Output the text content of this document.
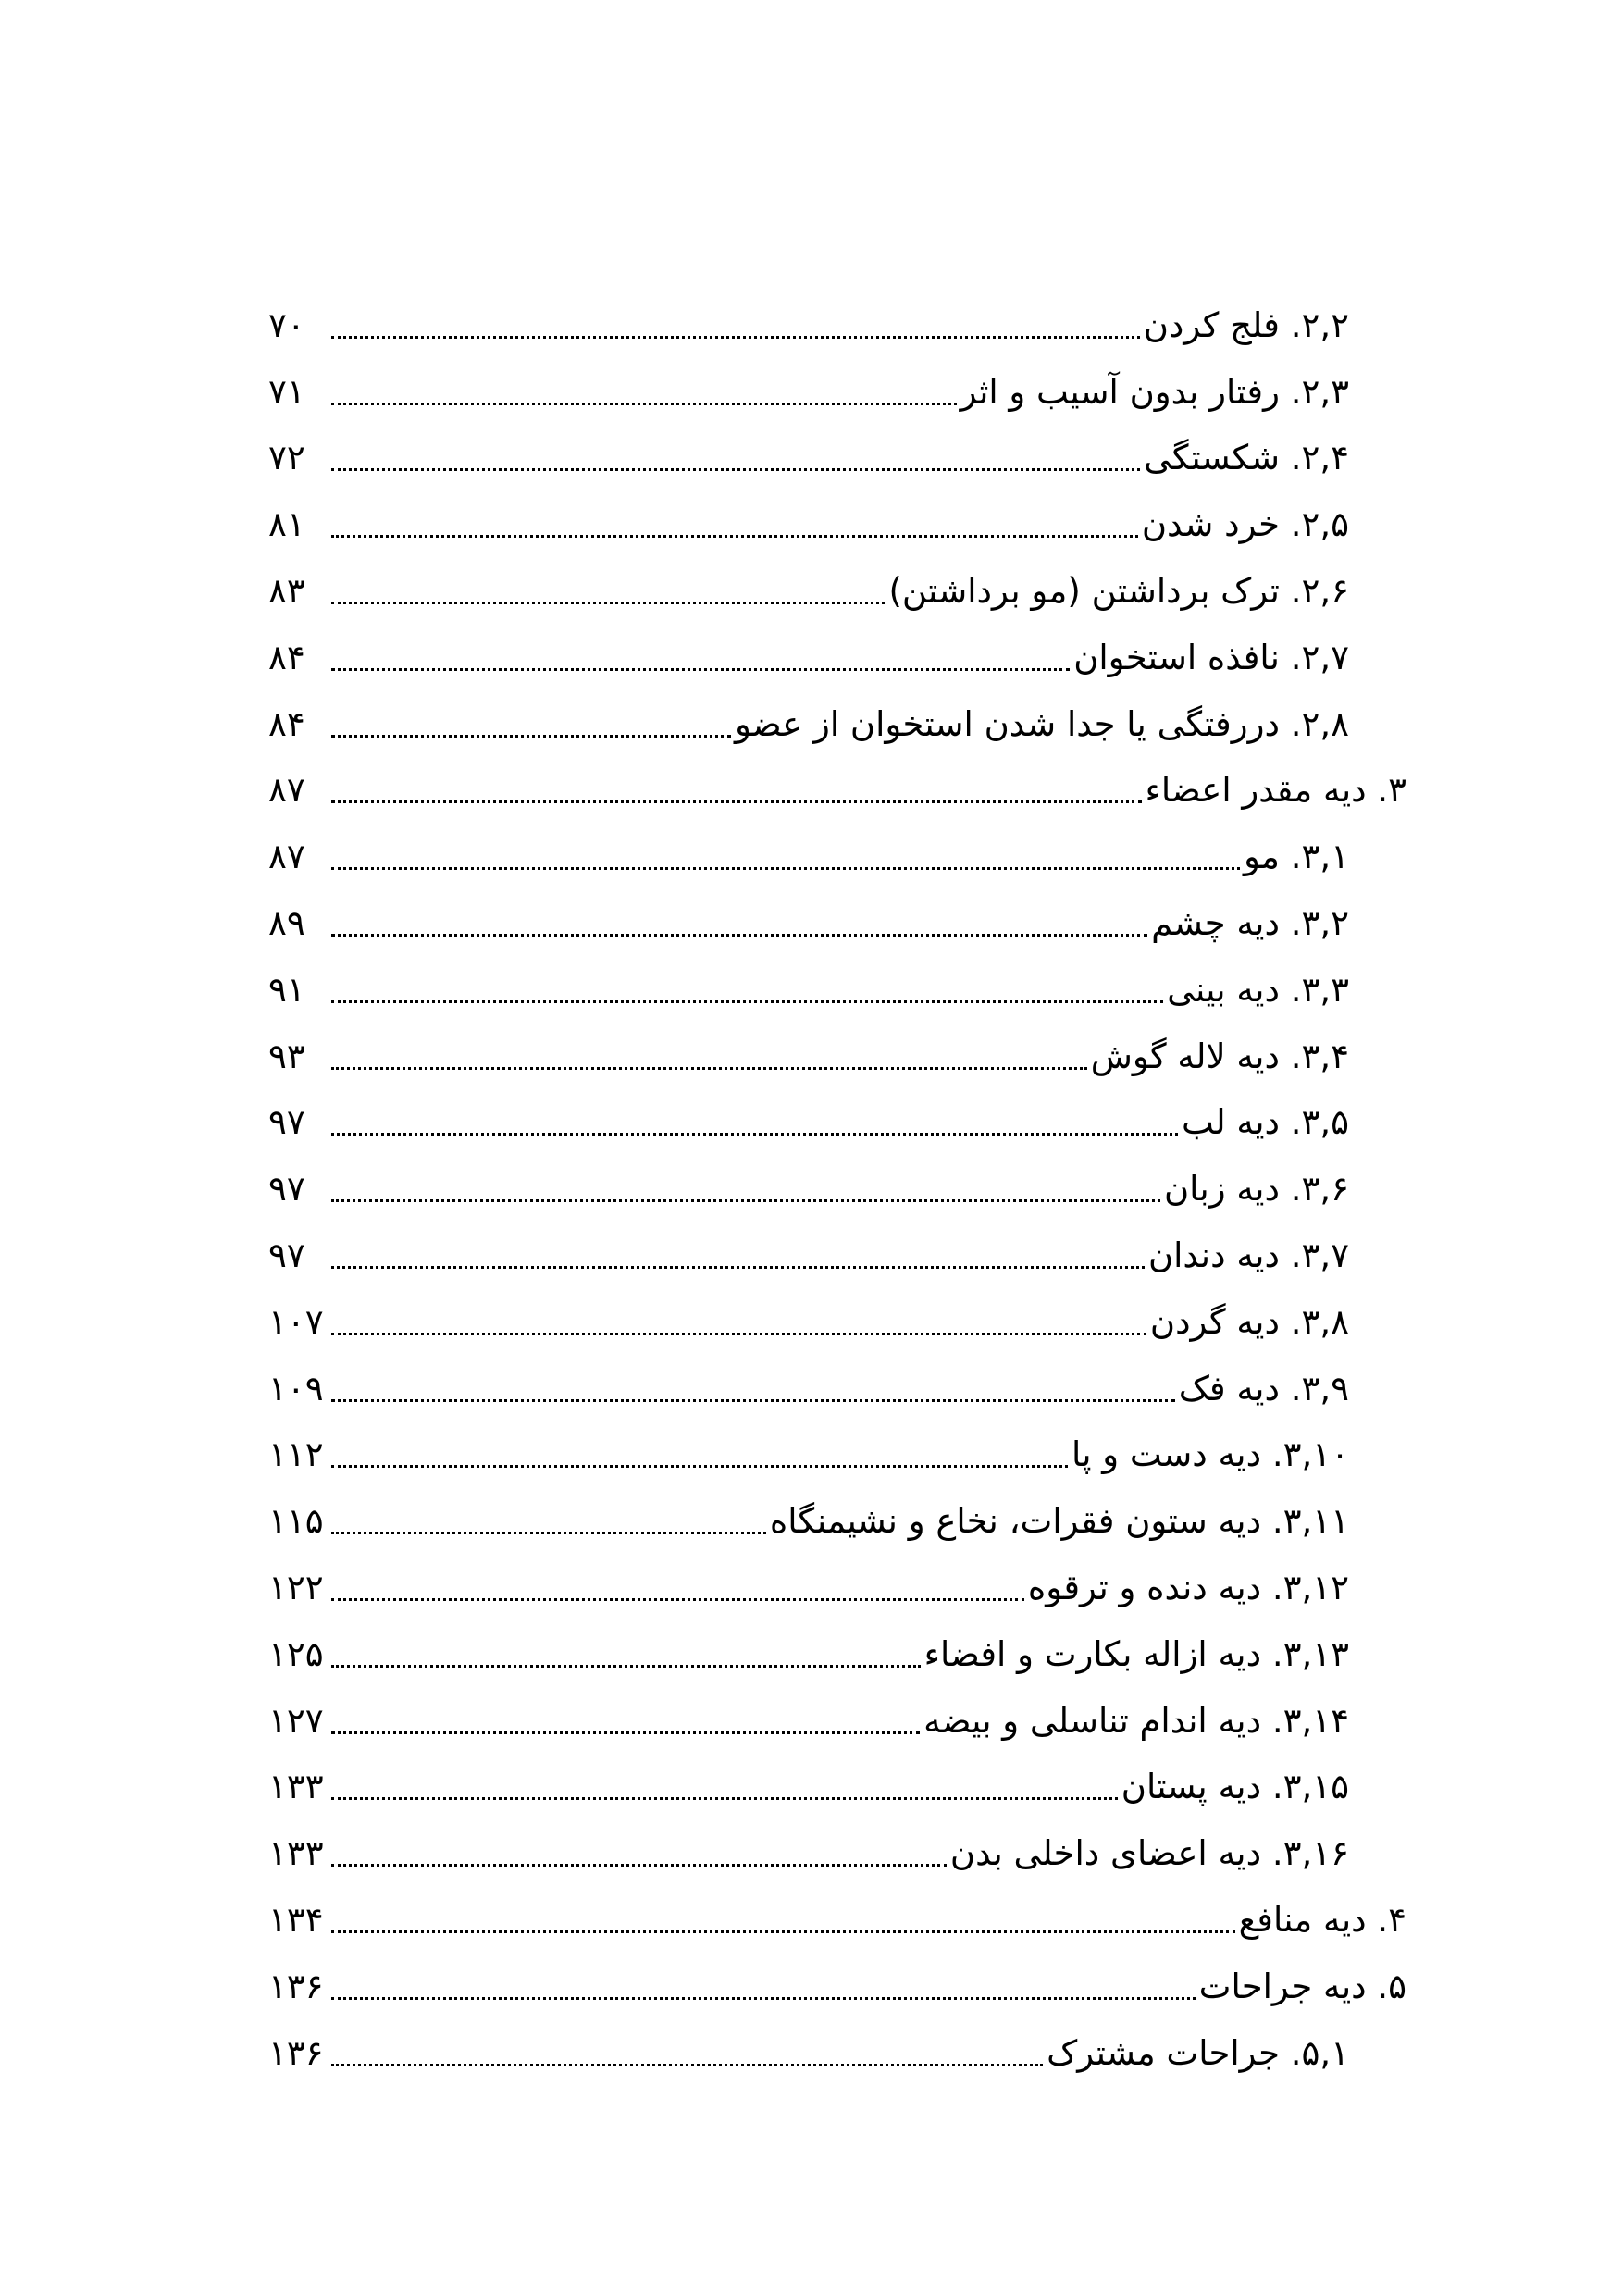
۲,۲. فلج کردن
۷۰
۲,۳. رفتار بدون آسیب و اثر
۷۱
۲,۴. شکستگی
۷۲
۲,۵. خرد شدن
۸۱
۲,۶. ترک برداشتن (مو برداشتن)
۸۳
۲,۷. نافذه استخوان
۸۴
۲,۸. دررفتگی یا جدا شدن استخوان از عضو
۸۴
۳. دیه مقدر اعضاء
۸۷
۳,۱. مو
۸۷
۳,۲. دیه چشم
۸۹
۳,۳. دیه بینی
۹۱
۳,۴. دیه لاله گوش
۹۳
۳,۵. دیه لب
۹۷
۳,۶. دیه زبان
۹۷
۳,۷. دیه دندان
۹۷
۳,۸. دیه گردن
۱۰۷
۳,۹. دیه فک
۱۰۹
۳,۱۰. دیه دست و پا
۱۱۲
۳,۱۱. دیه ستون فقرات، نخاع و نشیمنگاه
۱۱۵
۳,۱۲. دیه دنده و ترقوه
۱۲۲
۳,۱۳. دیه ازاله بکارت و افضاء
۱۲۵
۳,۱۴. دیه اندام تناسلی و بیضه
۱۲۷
۳,۱۵. دیه پستان
۱۳۳
۳,۱۶. دیه اعضای داخلی بدن
۱۳۳
۴. دیه منافع
۱۳۴
۵. دیه جراحات
۱۳۶
۵,۱. جراحات مشترک
۱۳۶
